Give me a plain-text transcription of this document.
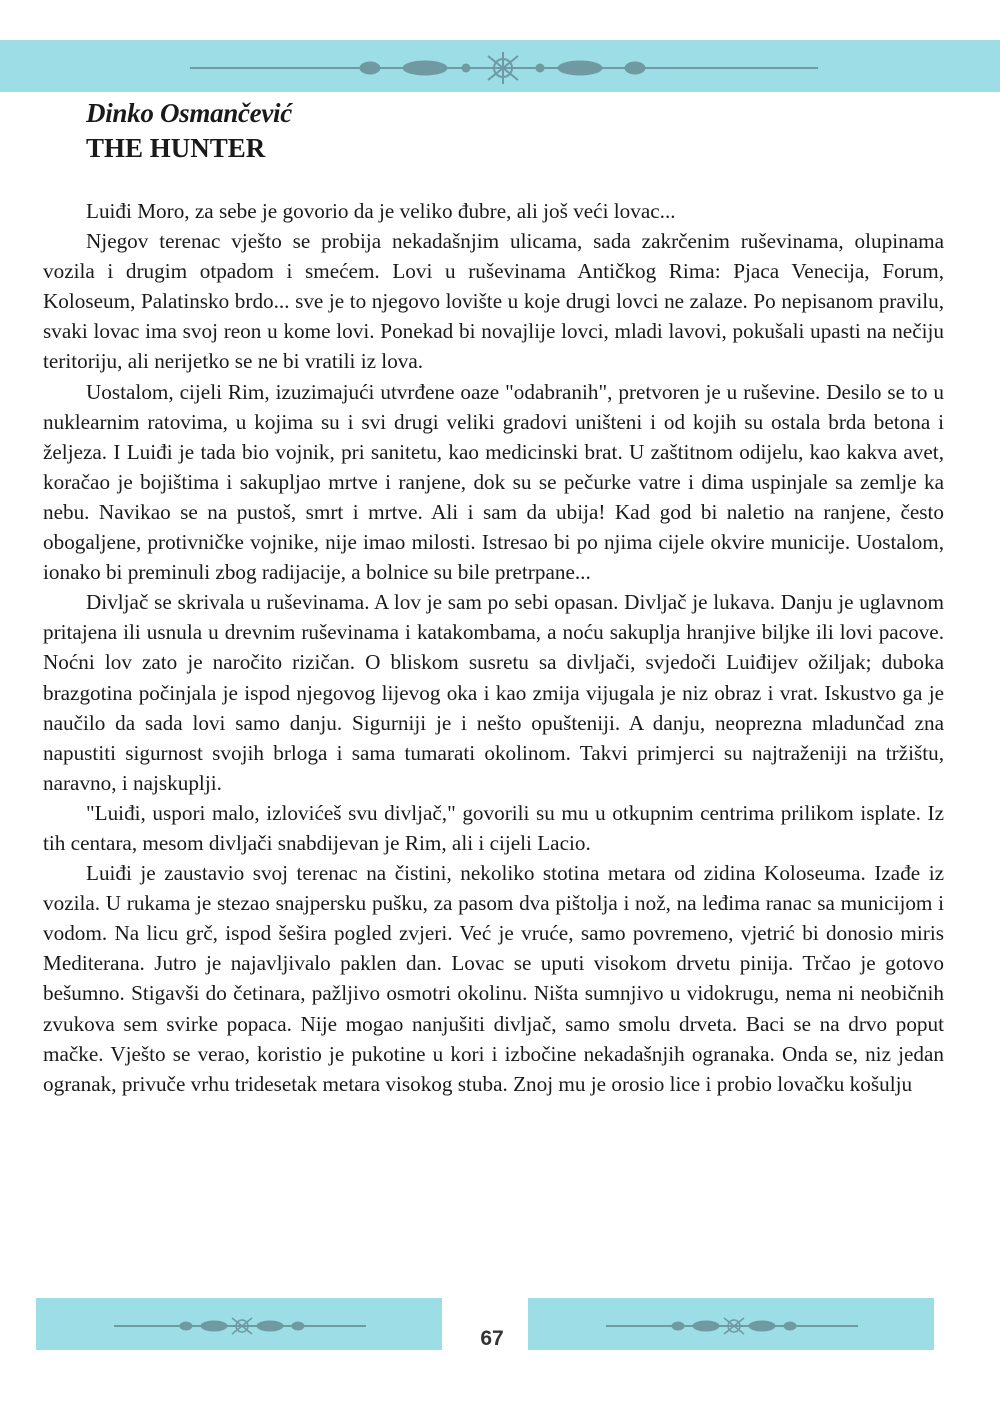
Dinko Osmančević
THE HUNTER

Luiđi Moro, za sebe je govorio da je veliko đubre, ali još veći lovac...

Njegov terenac vješto se probija nekadašnjim ulicama, sada zakrčenim ruševinama, olupinama vozila i drugim otpadom i smećem. Lovi u ruševinama Antičkog Rima: Pjaca Venecija, Forum, Koloseum, Palatinsko brdo... sve je to njegovo lovište u koje drugi lovci ne zalaze. Po nepisanom pravilu, svaki lovac ima svoj reon u kome lovi. Ponekad bi novajlije lovci, mladi lavovi, pokušali upasti na nečiju teritoriju, ali nerijetko se ne bi vratili iz lova.

Uostalom, cijeli Rim, izuzimajući utvrđene oaze "odabranih", pretvoren je u ruševine. Desilo se to u nuklearnim ratovima, u kojima su i svi drugi veliki gradovi uništeni i od kojih su ostala brda betona i željeza. I Luiđi je tada bio vojnik, pri sanitetu, kao medicinski brat. U zaštitnom odijelu, kao kakva avet, koračao je bojištima i sakupljao mrtve i ranjene, dok su se pečurke vatre i dima uspinjale sa zemlje ka nebu. Navikao se na pustoš, smrt i mrtve. Ali i sam da ubija! Kad god bi naletio na ranjene, često obogaljene, protivničke vojnike, nije imao milosti. Istresao bi po njima cijele okvire municije. Uostalom, ionako bi preminuli zbog radijacije, a bolnice su bile pretrpane...

Divljač se skrivala u ruševinama. A lov je sam po sebi opasan. Divljač je lukava. Danju je uglavnom pritajena ili usnula u drevnim ruševinama i katakombama, a noću sakuplja hranjive biljke ili lovi pacove. Noćni lov zato je naročito rizičan. O bliskom susretu sa divljači, svjedoči Luiđijev ožiljak; duboka brazgotina počinjala je ispod njegovog lijevog oka i kao zmija vijugala je niz obraz i vrat. Iskustvo ga je naučilo da sada lovi samo danju. Sigurniji je i nešto opušteniji. A danju, neoprezna mladunčad zna napustiti sigurnost svojih brloga i sama tumarati okolinom. Takvi primjerci su najtraženiji na tržištu, naravno, i najskuplji.

"Luiđi, uspori malo, izlovićeš svu divljač," govorili su mu u otkupnim centrima prilikom isplate. Iz tih centara, mesom divljači snabdijevan je Rim, ali i cijeli Lacio.

Luiđi je zaustavio svoj terenac na čistini, nekoliko stotina metara od zidina Koloseuma. Izađe iz vozila. U rukama je stezao snajpersku pušku, za pasom dva pištolja i nož, na leđima ranac sa municijom i vodom. Na licu grč, ispod šešira pogled zvjeri. Već je vruće, samo povremeno, vjetrić bi donosio miris Mediterana. Jutro je najavljivalo paklen dan. Lovac se uputi visokom drvetu pinija. Trčao je gotovo bešumno. Stigavši do četinara, pažljivo osmotri okolinu. Ništa sumnjivo u vidokrugu, nema ni neobičnih zvukova sem svirke popaca. Nije mogao nanjušiti divljač, samo smolu drveta. Baci se na drvo poput mačke. Vješto se verao, koristio je pukotine u kori i izbočine nekadašnjih ogranaka. Onda se, niz jedan ogranak, privuče vrhu tridesetak metara visokog stuba. Znoj mu je orosio lice i probio lovačku košulju

67
